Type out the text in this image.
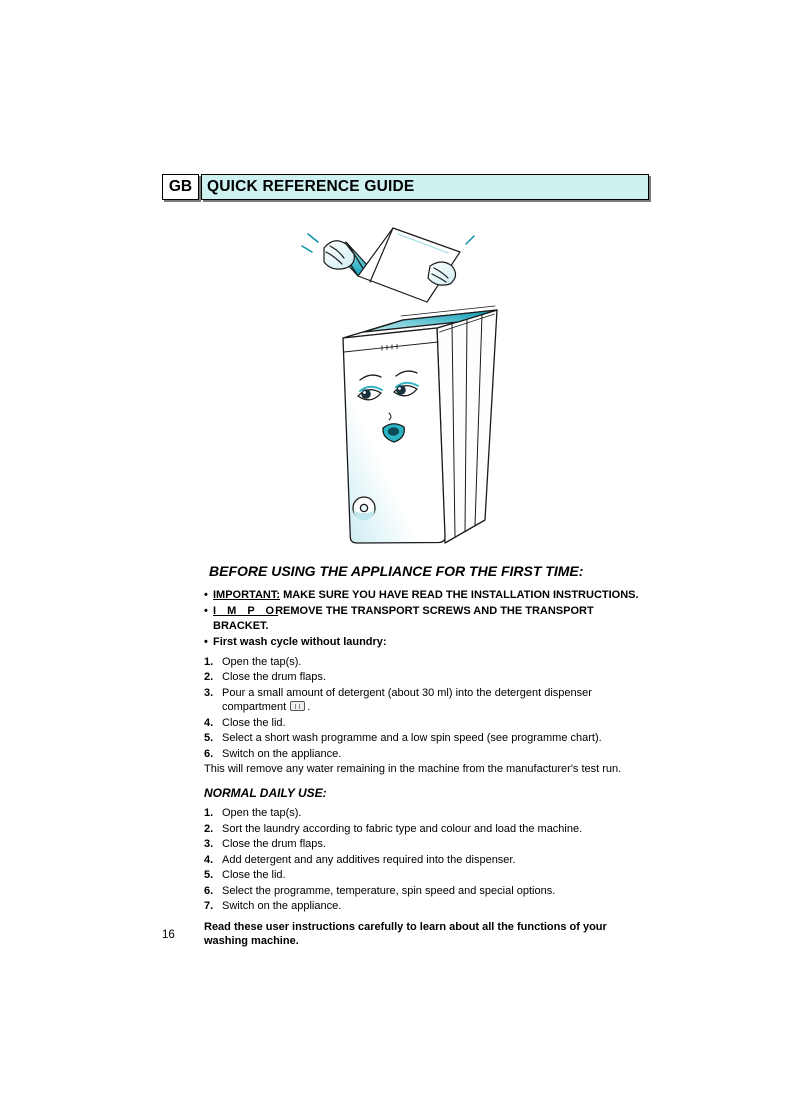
GB QUICK REFERENCE GUIDE
BEFORE USING THE APPLIANCE FOR THE FIRST TIME:
• IMPORTANT: MAKE SURE YOU HAVE READ THE INSTALLATION INSTRUCTIONS.

• I M P OREMOVE THE TRANSPORT SCREWS AND THE TRANSPORT BRACKET.

• First wash cycle without laundry:

1. Open the tap(s).
2. Close the drum flaps.
3. Pour a small amount of detergent (about 30 ml) into the detergent dispenser compartment .
4. Close the lid.
5. Select a short wash programme and a low spin speed (see programme chart).
6. Switch on the appliance.

This will remove any water remaining in the machine from the manufacturer's test run.

NORMAL DAILY USE:
1. Open the tap(s).
2. Sort the laundry according to fabric type and colour and load the machine.
3. Close the drum flaps.
4. Add detergent and any additives required into the dispenser.
5. Close the lid.
6. Select the programme, temperature, spin speed and special options.
7. Switch on the appliance.

Read these user instructions carefully to learn about all the functions of your washing machine.

16
